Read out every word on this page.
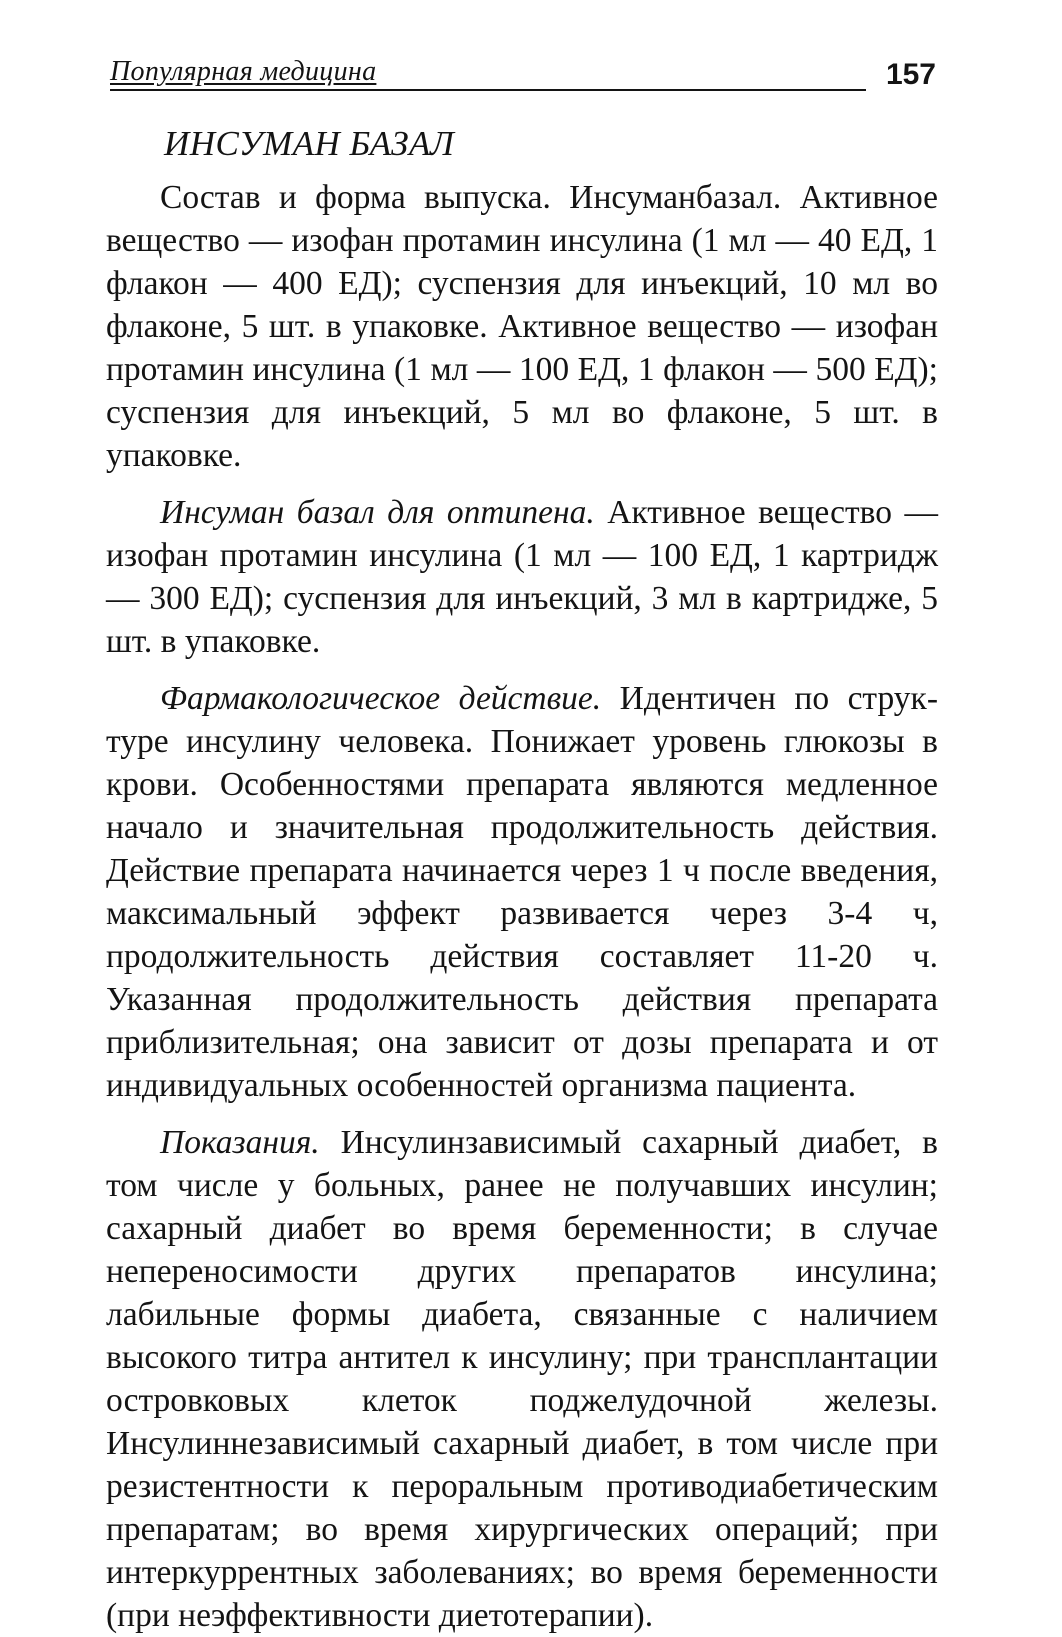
Популярная медицина	157
ИНСУМАН БАЗАЛ

Состав и форма выпуска. Инсуманбазал. Активное вещество — изофан протамин инсулина (1 мл — 40 ЕД, 1 флакон — 400 ЕД); суспензия для инъекций, 10 мл во флаконе, 5 шт. в упаковке. Активное вещество — изофан протамин инсулина (1 мл — 100 ЕД, 1 флакон — 500 ЕД); суспензия для инъекций, 5 мл во флаконе, 5 шт. в упаковке.

Инсуман базал для оптипена. Активное вещество — изофан протамин инсулина (1 мл — 100 ЕД, 1 картридж — 300 ЕД); суспензия для инъекций, 3 мл в картридже, 5 шт. в упаковке.

Фармакологическое действие. Идентичен по структуре инсулину человека. Понижает уровень глюкозы в крови. Особенностями препарата являются медленное начало и значительная продолжительность действия. Действие препарата начинается через 1 ч после введения, максимальный эффект развивается через 3-4 ч, продолжительность действия составляет 11-20 ч. Указанная продолжительность действия препарата приблизительная; она зависит от дозы препарата и от индивидуальных особенностей организма пациента.

Показания. Инсулинзависимый сахарный диабет, в том числе у больных, ранее не получавших инсулин; сахарный диабет во время беременности; в случае непереносимости других препаратов инсулина; лабильные формы диабета, связанные с наличием высокого титра антител к инсулину; при трансплантации островковых клеток поджелудочной железы. Инсулиннезависимый сахарный диабет, в том числе при резистентности к пероральным противодиабетическим препаратам; во время хирургических операций; при интеркуррентных заболеваниях; во время беременности (при неэффективности диетотерапии).
